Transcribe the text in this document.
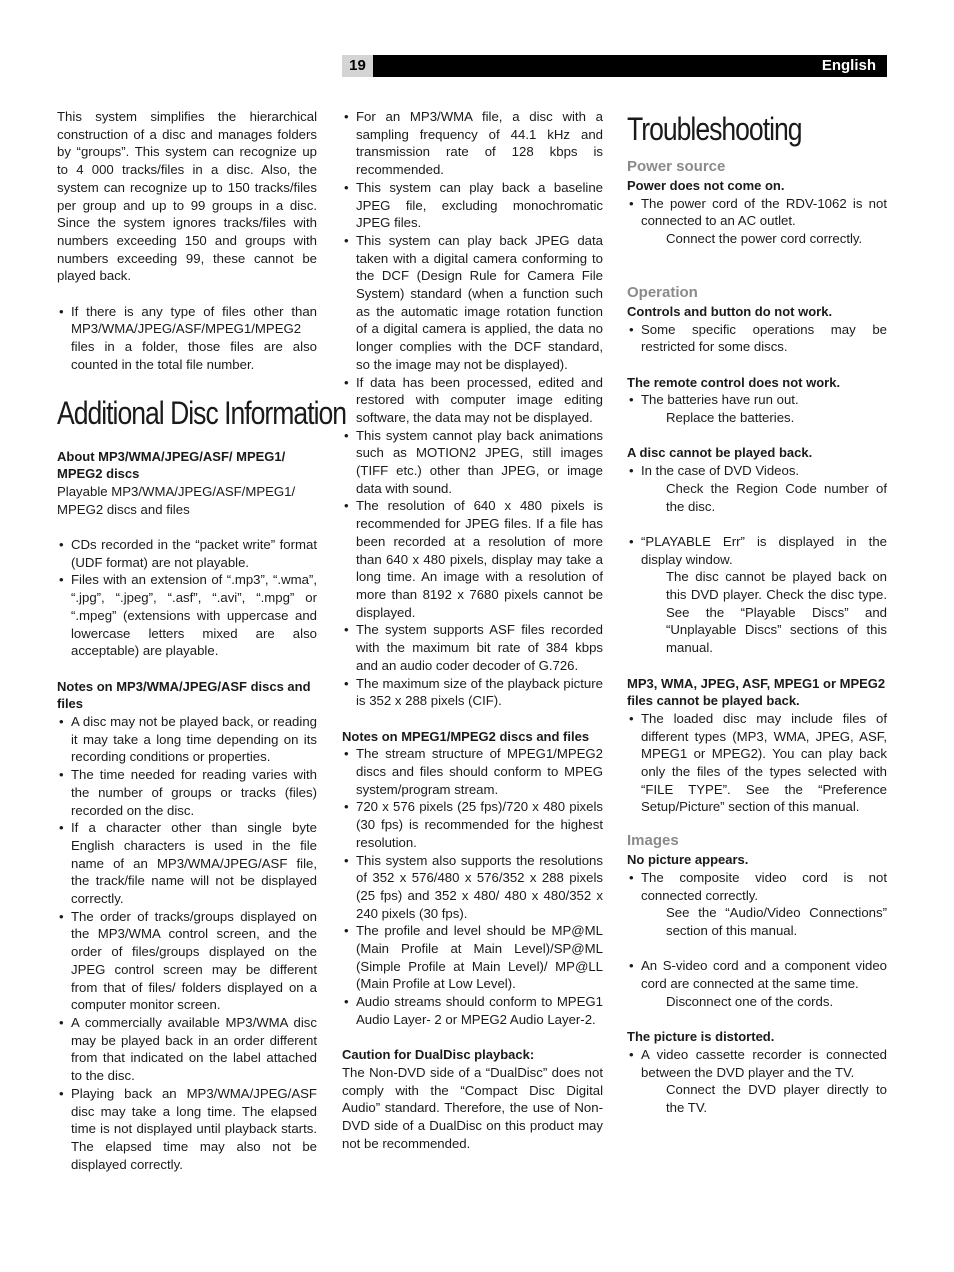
19	English

This system simplifies the hierarchical construction of a disc and manages folders by “groups”. This system can recognize up to 4 000 tracks/files in a disc. Also, the system can recognize up to 150 tracks/files per group and up to 99 groups in a disc. Since the system ignores tracks/files with numbers exceeding 150 and groups with numbers exceeding 99, these cannot be played back.

• If there is any type of files other than MP3/WMA/JPEG/ASF/MPEG1/MPEG2 files in a folder, those files are also counted in the total file number.
Additional Disc Information
About MP3/WMA/JPEG/ASF/ MPEG1/ MPEG2 discs

Playable MP3/WMA/JPEG/ASF/MPEG1/ MPEG2 discs and files

• CDs recorded in the “packet write” format (UDF format) are not playable.
• Files with an extension of “.mp3”, “.wma”, “.jpg”, “.jpeg”, “.asf”, “.avi”, “.mpg” or “.mpeg” (extensions with uppercase and lowercase letters mixed are also acceptable) are playable.
Notes on MP3/WMA/JPEG/ASF discs and files
• A disc may not be played back, or reading it may take a long time depending on its recording conditions or properties.
• The time needed for reading varies with the number of groups or tracks (files) recorded on the disc.
• If a character other than single byte English characters is used in the file name of an MP3/WMA/JPEG/ASF file, the track/file name will not be displayed correctly.
• The order of tracks/groups displayed on the MP3/WMA control screen, and the order of files/groups displayed on the JPEG control screen may be different from that of files/ folders displayed on a computer monitor screen.
• A commercially available MP3/WMA disc may be played back in an order different from that indicated on the label attached to the disc.
• Playing back an MP3/WMA/JPEG/ASF disc may take a long time. The elapsed time is not displayed until playback starts. The elapsed time may also not be displayed correctly.
• For an MP3/WMA file, a disc with a sampling frequency of 44.1 kHz and transmission rate of 128 kbps is recommended.
• This system can play back a baseline JPEG file, excluding monochromatic JPEG files.
• This system can play back JPEG data taken with a digital camera conforming to the DCF (Design Rule for Camera File System) standard (when a function such as the automatic image rotation function of a digital camera is applied, the data no longer complies with the DCF standard, so the image may not be displayed).
• If data has been processed, edited and restored with computer image editing software, the data may not be displayed.
• This system cannot play back animations such as MOTION2 JPEG, still images (TIFF etc.) other than JPEG, or image data with sound.
• The resolution of 640 x 480 pixels is recommended for JPEG files. If a file has been recorded at a resolution of more than 640 x 480 pixels, display may take a long time. An image with a resolution of more than 8192 x 7680 pixels cannot be displayed.
• The system supports ASF files recorded with the maximum bit rate of 384 kbps and an audio coder decoder of G.726.
• The maximum size of the playback picture is 352 x 288 pixels (CIF).
Notes on MPEG1/MPEG2 discs and files
• The stream structure of MPEG1/MPEG2 discs and files should conform to MPEG system/program stream.
• 720 x 576 pixels (25 fps)/720 x 480 pixels (30 fps) is recommended for the highest resolution.
• This system also supports the resolutions of 352 x 576/480 x 576/352 x 288 pixels (25 fps) and 352 x 480/ 480 x 480/352 x 240 pixels (30 fps).
• The profile and level should be MP@ML (Main Profile at Main Level)/SP@ML (Simple Profile at Main Level)/ MP@LL (Main Profile at Low Level).
• Audio streams should conform to MPEG1 Audio Layer- 2 or MPEG2 Audio Layer-2.
Caution for DualDisc playback:

The Non-DVD side of a “DualDisc” does not comply with the “Compact Disc Digital Audio” standard. Therefore, the use of Non-DVD side of a DualDisc on this product may not be recommended.

Troubleshooting
Power source
Power does not come on.
• The power cord of the RDV-1062 is not connected to an AC outlet.
Connect the power cord correctly.
Operation
Controls and button do not work.
• Some specific operations may be restricted for some discs.
The remote control does not work.
• The batteries have run out.
Replace the batteries.
A disc cannot be played back.
• In the case of DVD Videos.
Check the Region Code number of the disc.
• “PLAYABLE Err” is displayed in the display window.
The disc cannot be played back on this DVD player. Check the disc type. See the “Playable Discs” and “Unplayable Discs” sections of this manual.
MP3, WMA, JPEG, ASF, MPEG1 or MPEG2 files cannot be played back.
• The loaded disc may include files of different types (MP3, WMA, JPEG, ASF, MPEG1 or MPEG2). You can play back only the files of the types selected with “FILE TYPE”. See the “Preference Setup/Picture” section of this manual.
Images
No picture appears.
• The composite video cord is not connected correctly.
See the “Audio/Video Connections” section of this manual.
• An S-video cord and a component video cord are connected at the same time.
Disconnect one of the cords.
The picture is distorted.
• A video cassette recorder is connected between the DVD player and the TV.
Connect the DVD player directly to the TV.
